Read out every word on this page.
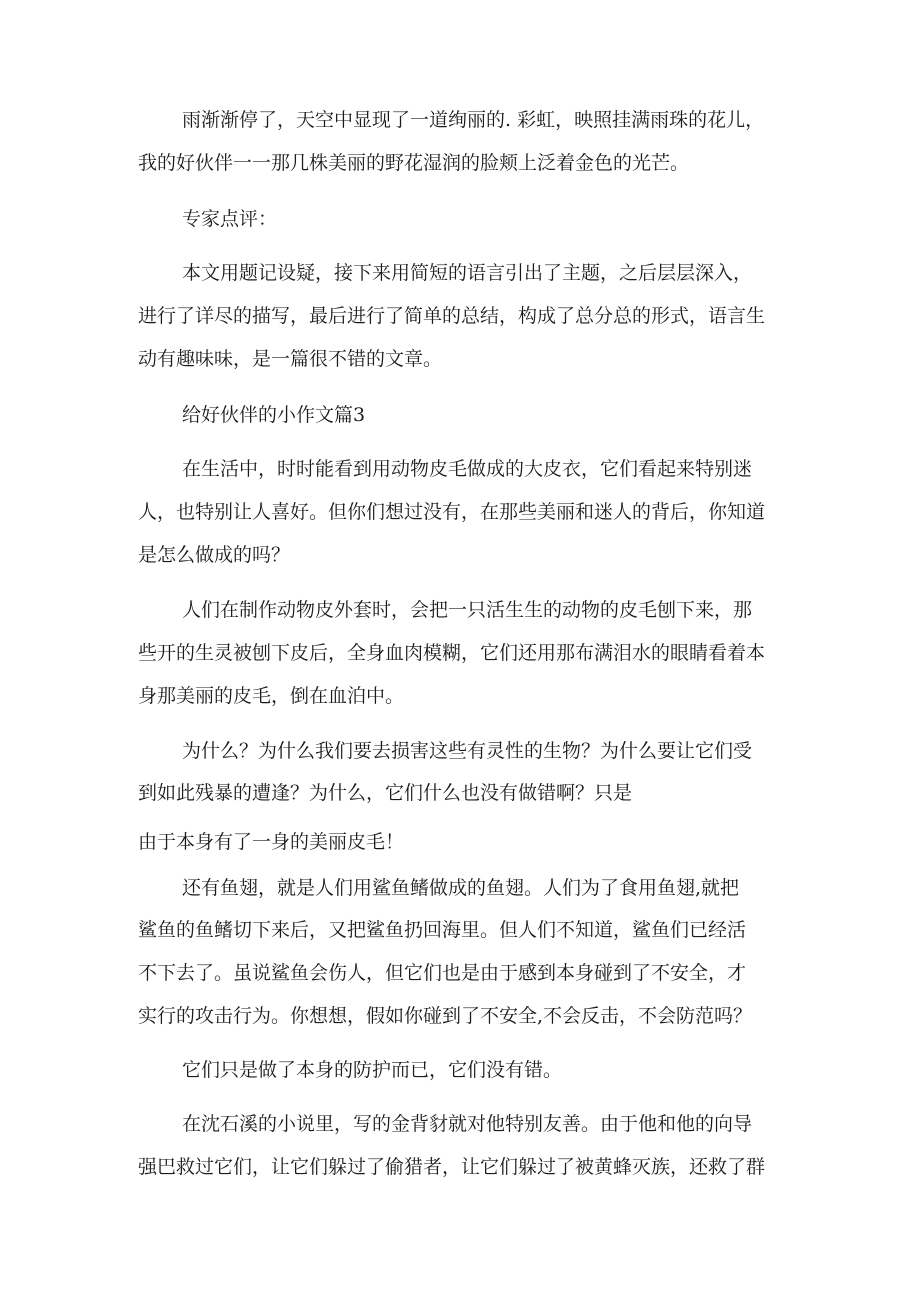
雨渐渐停了，天空中显现了一道绚丽的. 彩虹，映照挂满雨珠的花儿，
我的好伙伴一一那几株美丽的野花湿润的脸颊上泛着金色的光芒。
专家点评：
本文用题记设疑，接下来用简短的语言引出了主题，之后层层深入，
进行了详尽的描写，最后进行了简单的总结，构成了总分总的形式，语言生
动有趣味味，是一篇很不错的文章。
给好伙伴的小作文篇3
在生活中，时时能看到用动物皮毛做成的大皮衣，它们看起来特别迷
人，也特别让人喜好。但你们想过没有，在那些美丽和迷人的背后，你知道
是怎么做成的吗？
人们在制作动物皮外套时，会把一只活生生的动物的皮毛刨下来，那
些开的生灵被刨下皮后，全身血肉模糊，它们还用那布满泪水的眼睛看着本
身那美丽的皮毛，倒在血泊中。
为什么？为什么我们要去损害这些有灵性的生物？为什么要让它们受
到如此残暴的遭逢？为什么，它们什么也没有做错啊？只是
由于本身有了一身的美丽皮毛！
还有鱼翅，就是人们用鲨鱼鳍做成的鱼翅。人们为了食用鱼翅,就把
鲨鱼的鱼鳍切下来后，又把鲨鱼扔回海里。但人们不知道，鲨鱼们已经活
不下去了。虽说鲨鱼会伤人，但它们也是由于感到本身碰到了不安全，才
实行的攻击行为。你想想，假如你碰到了不安全,不会反击，不会防范吗？
它们只是做了本身的防护而已，它们没有错。
在沈石溪的小说里，写的金背豺就对他特别友善。由于他和他的向导
强巴救过它们，让它们躲过了偷猎者，让它们躲过了被黄蜂灭族，还救了群
